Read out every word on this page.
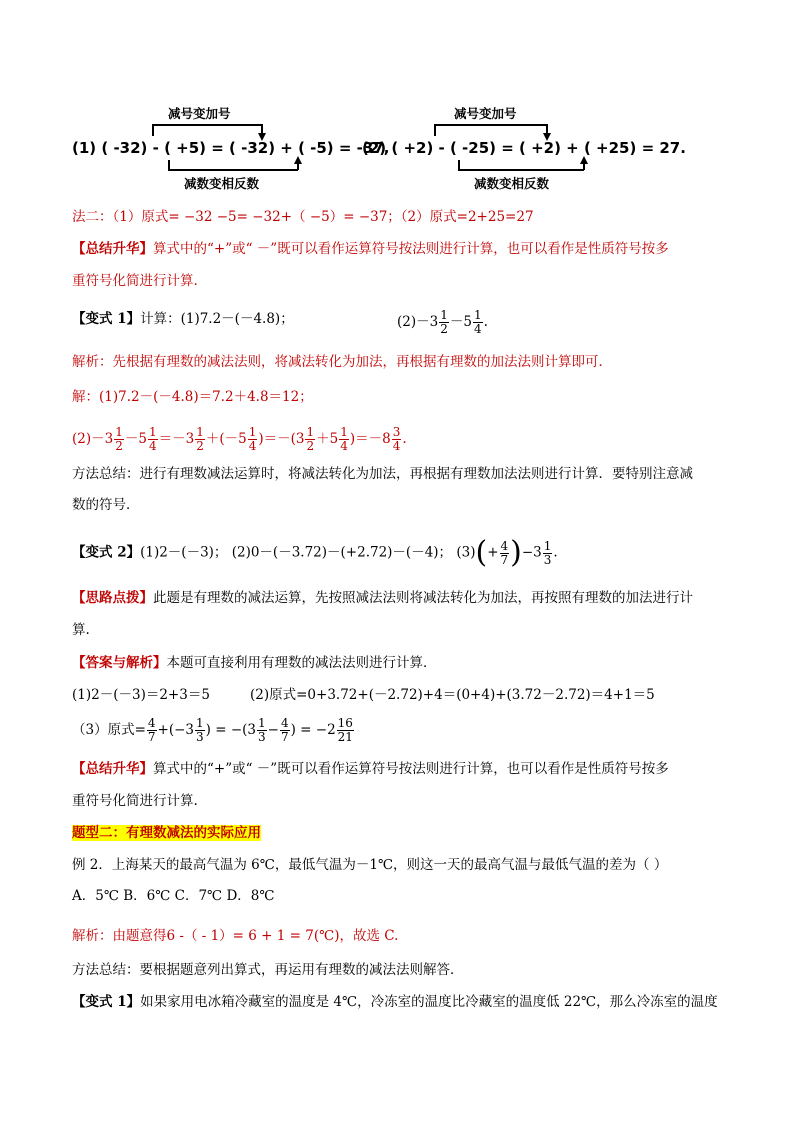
减号变加号
(1) ( -32) - ( +5) = ( -32) + ( -5) = -37,
减数变相反数
减号变加号
(2) ( +2) - ( -25) = ( +2) + ( +25) = 27.
减数变相反数
法二：（1）原式= −32 −5= −32+（ −5）= −37；（2）原式=2+25=27
【总结升华】算式中的“+”或“ －”既可以看作运算符号按法则进行计算，也可以看作是性质符号按多
重符号化简进行计算.
【变式 1】计算：(1)7.2－(－4.8)；	$(2)-3 \frac{1}{2} -5 \frac{1}{4}$ .
解析：先根据有理数的减法法则，将减法转化为加法，再根据有理数的加法法则计算即可．
解：(1)7.2－(－4.8)＝7.2＋4.8＝12；
$(2)-3 \frac{1}{2} -5 \frac{1}{4} =-3 \frac{1}{2} +(-5 \frac{1}{4} )=-(3 \frac{1}{2} +5 \frac{1}{4} )=-8 \frac{3}{4}$ .
方法总结：进行有理数减法运算时，将减法转化为加法，再根据有理数加法法则进行计算．要特别注意减
数的符号．
【变式 2】(1)2－(－3)； (2)0－(－3.72)－(+2.72)－(－4)； $(3)(+ \frac{4}{7} )-3 \frac{1}{3}$ .
【思路点拨】此题是有理数的减法运算，先按照减法法则将减法转化为加法，再按照有理数的加法进行计
算.
【答案与解析】本题可直接利用有理数的减法法则进行计算．
(1)2－(－3)＝2+3＝5	(2)原式=0+3.72+(－2.72)+4＝(0+4)+(3.72－2.72)＝4+1＝5
（3）原式= $\frac{4}{7} +(-3 \frac{1}{3}$ ) = $-(3 \frac{1}{3} - \frac{4}{7}$ ) = $-2 \frac{16}{21}$
【总结升华】算式中的“+”或“ －”既可以看作运算符号按法则进行计算，也可以看作是性质符号按多
重符号化简进行计算.
题型二：有理数减法的实际应用
例 2．上海某天的最高气温为 6℃，最低气温为－1℃，则这一天的最高气温与最低气温的差为（ ）
A．5℃ B．6℃ C．7℃ D．8℃
解析：由题意得6 -（ - 1）= 6 + 1 = 7(℃)，故选 C.
方法总结：要根据题意列出算式，再运用有理数的减法法则解答．
【变式 1】如果家用电冰箱冷藏室的温度是 4℃，冷冻室的温度比冷藏室的温度低 22℃，那么冷冻室的温度
